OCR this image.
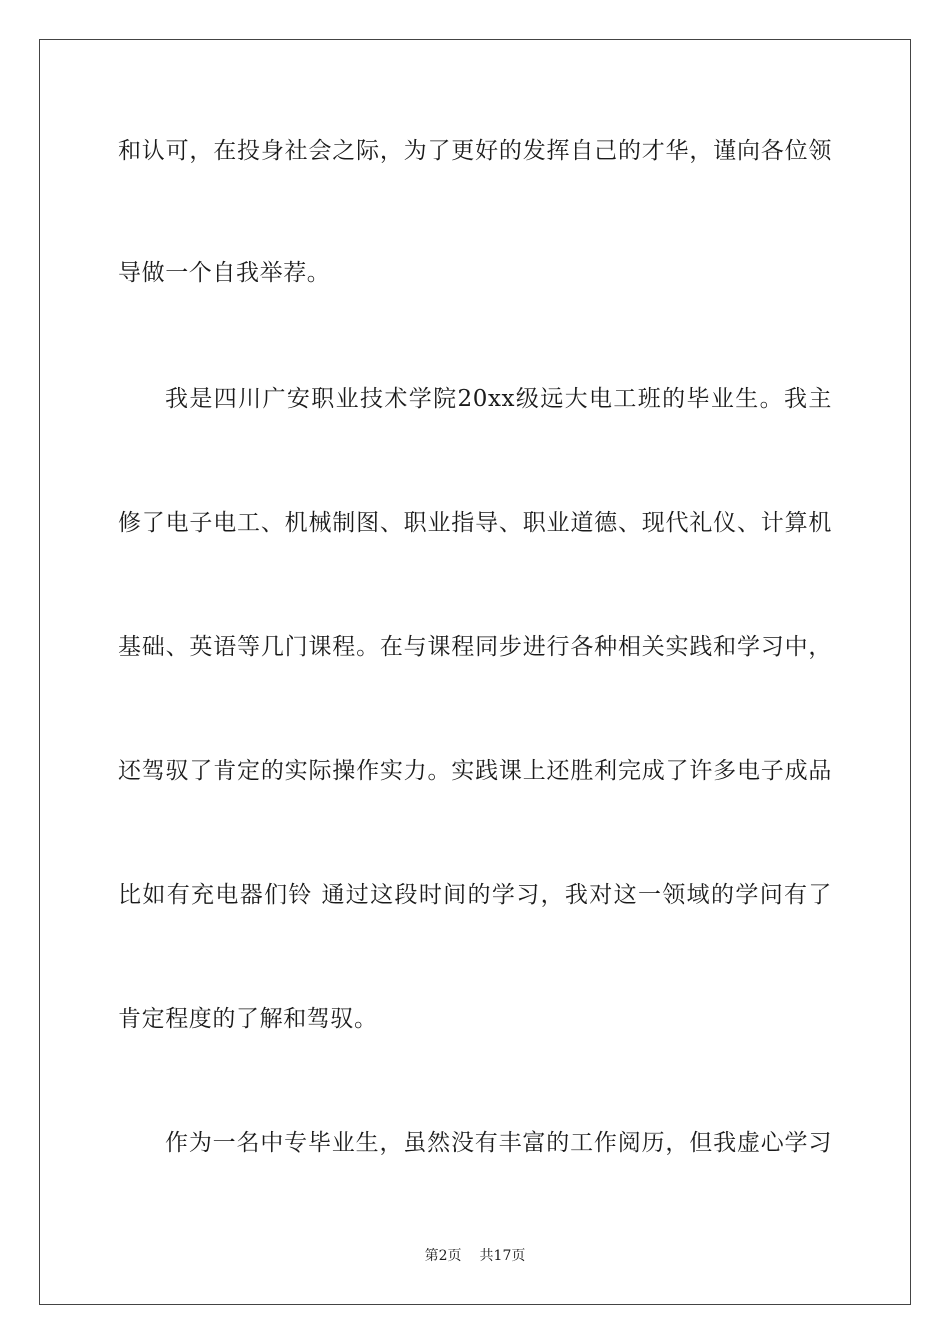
和认可，在投身社会之际，为了更好的发挥自己的才华，谨向各位领
导做一个自我举荐。
我是四川广安职业技术学院20xx级远大电工班的毕业生。我主
修了电子电工、机械制图、职业指导、职业道德、现代礼仪、计算机
基础、英语等几门课程。在与课程同步进行各种相关实践和学习中，
还驾驭了肯定的实际操作实力。实践课上还胜利完成了许多电子成品
比如有充电器们铃 通过这段时间的学习，我对这一领域的学问有了
肯定程度的了解和驾驭。
作为一名中专毕业生，虽然没有丰富的工作阅历，但我虚心学习
第2页 共17页
